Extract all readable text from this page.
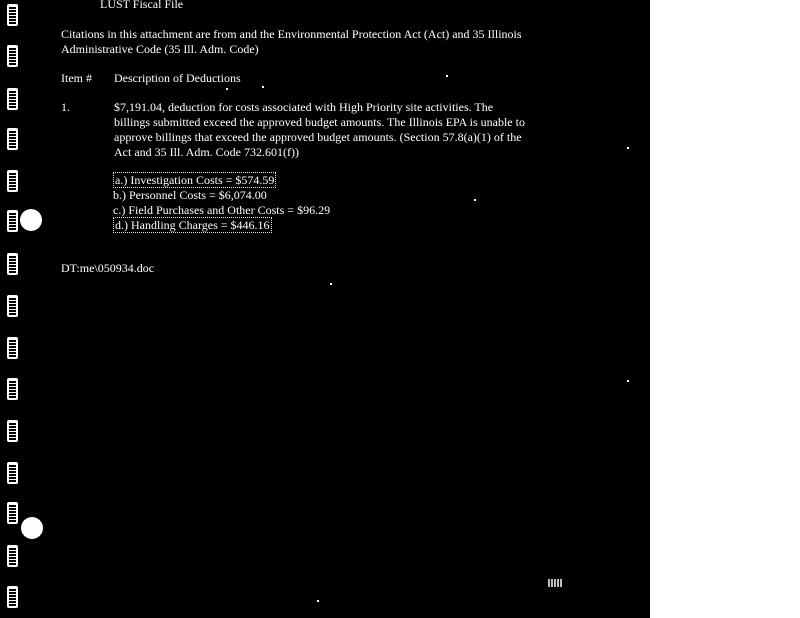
LUST Fiscal File
Citations in this attachment are from and the Environmental Protection Act (Act) and 35 Illinois
Administrative Code (35 Ill. Adm. Code)
Item # Description of Deductions
1.	$7,191.04, deduction for costs associated with High Priority site activities. The
billings submitted exceed the approved budget amounts. The Illinois EPA is unable to
approve billings that exceed the approved budget amounts. (Section 57.8(a)(1) of the
Act and 35 Ill. Adm. Code 732.601(f))
a.) Investigation Costs = $574.59
b.) Personnel Costs = $6,074.00
c.) Field Purchases and Other Costs = $96.29
d.) Handling Charges = $446.16
DT:me\050934.doc
